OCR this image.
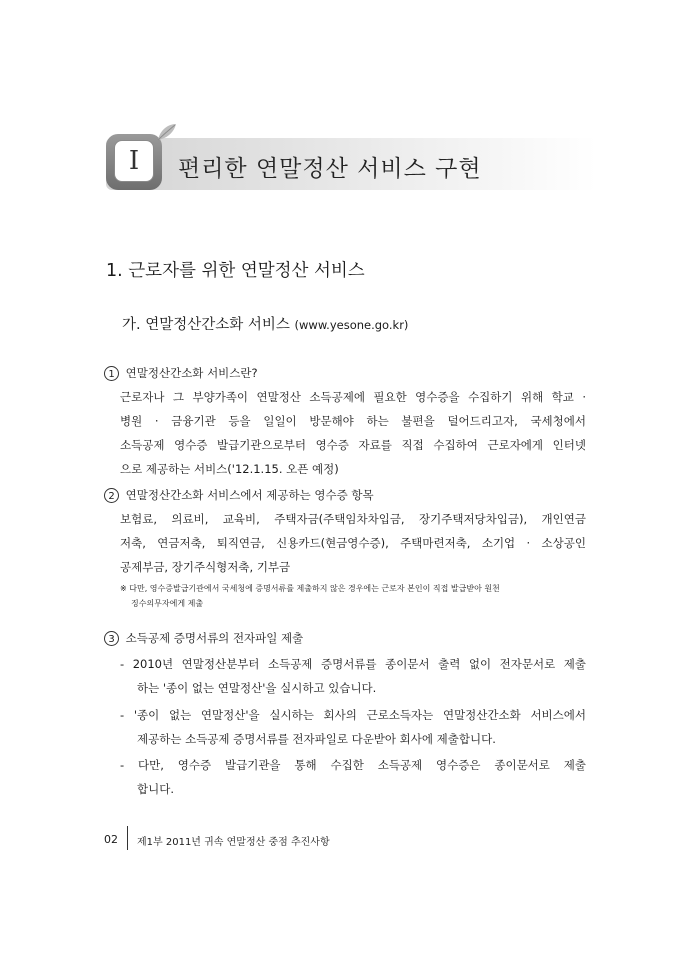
I	편리한 연말정산 서비스 구현
1. 근로자를 위한 연말정산 서비스
가. 연말정산간소화 서비스 (www.yesone.go.kr)
1 연말정산간소화 서비스란?
근로자나 그 부양가족이 연말정산 소득공제에 필요한 영수증을 수집하기 위해 학교 ·
병원 · 금융기관 등을 일일이 방문해야 하는 불편을 덜어드리고자, 국세청에서
소득공제 영수증 발급기관으로부터 영수증 자료를 직접 수집하여 근로자에게 인터넷
으로 제공하는 서비스('12.1.15. 오픈 예정)
2 연말정산간소화 서비스에서 제공하는 영수증 항목
보험료, 의료비, 교육비, 주택자금(주택임차차입금, 장기주택저당차입금), 개인연금
저축, 연금저축, 퇴직연금, 신용카드(현금영수증), 주택마련저축, 소기업 · 소상공인
공제부금, 장기주식형저축, 기부금
※ 다만, 영수증발급기관에서 국세청에 증명서류를 제출하지 않은 경우에는 근로자 본인이 직접 발급받아 원천
징수의무자에게 제출
3 소득공제 증명서류의 전자파일 제출
- 2010년 연말정산분부터 소득공제 증명서류를 종이문서 출력 없이 전자문서로 제출
하는 '종이 없는 연말정산'을 실시하고 있습니다.
- '종이 없는 연말정산'을 실시하는 회사의 근로소득자는 연말정산간소화 서비스에서
제공하는 소득공제 증명서류를 전자파일로 다운받아 회사에 제출합니다.
- 다만, 영수증 발급기관을 통해 수집한 소득공제 영수증은 종이문서로 제출
합니다.
02 제1부 2011년 귀속 연말정산 중점 추진사항
